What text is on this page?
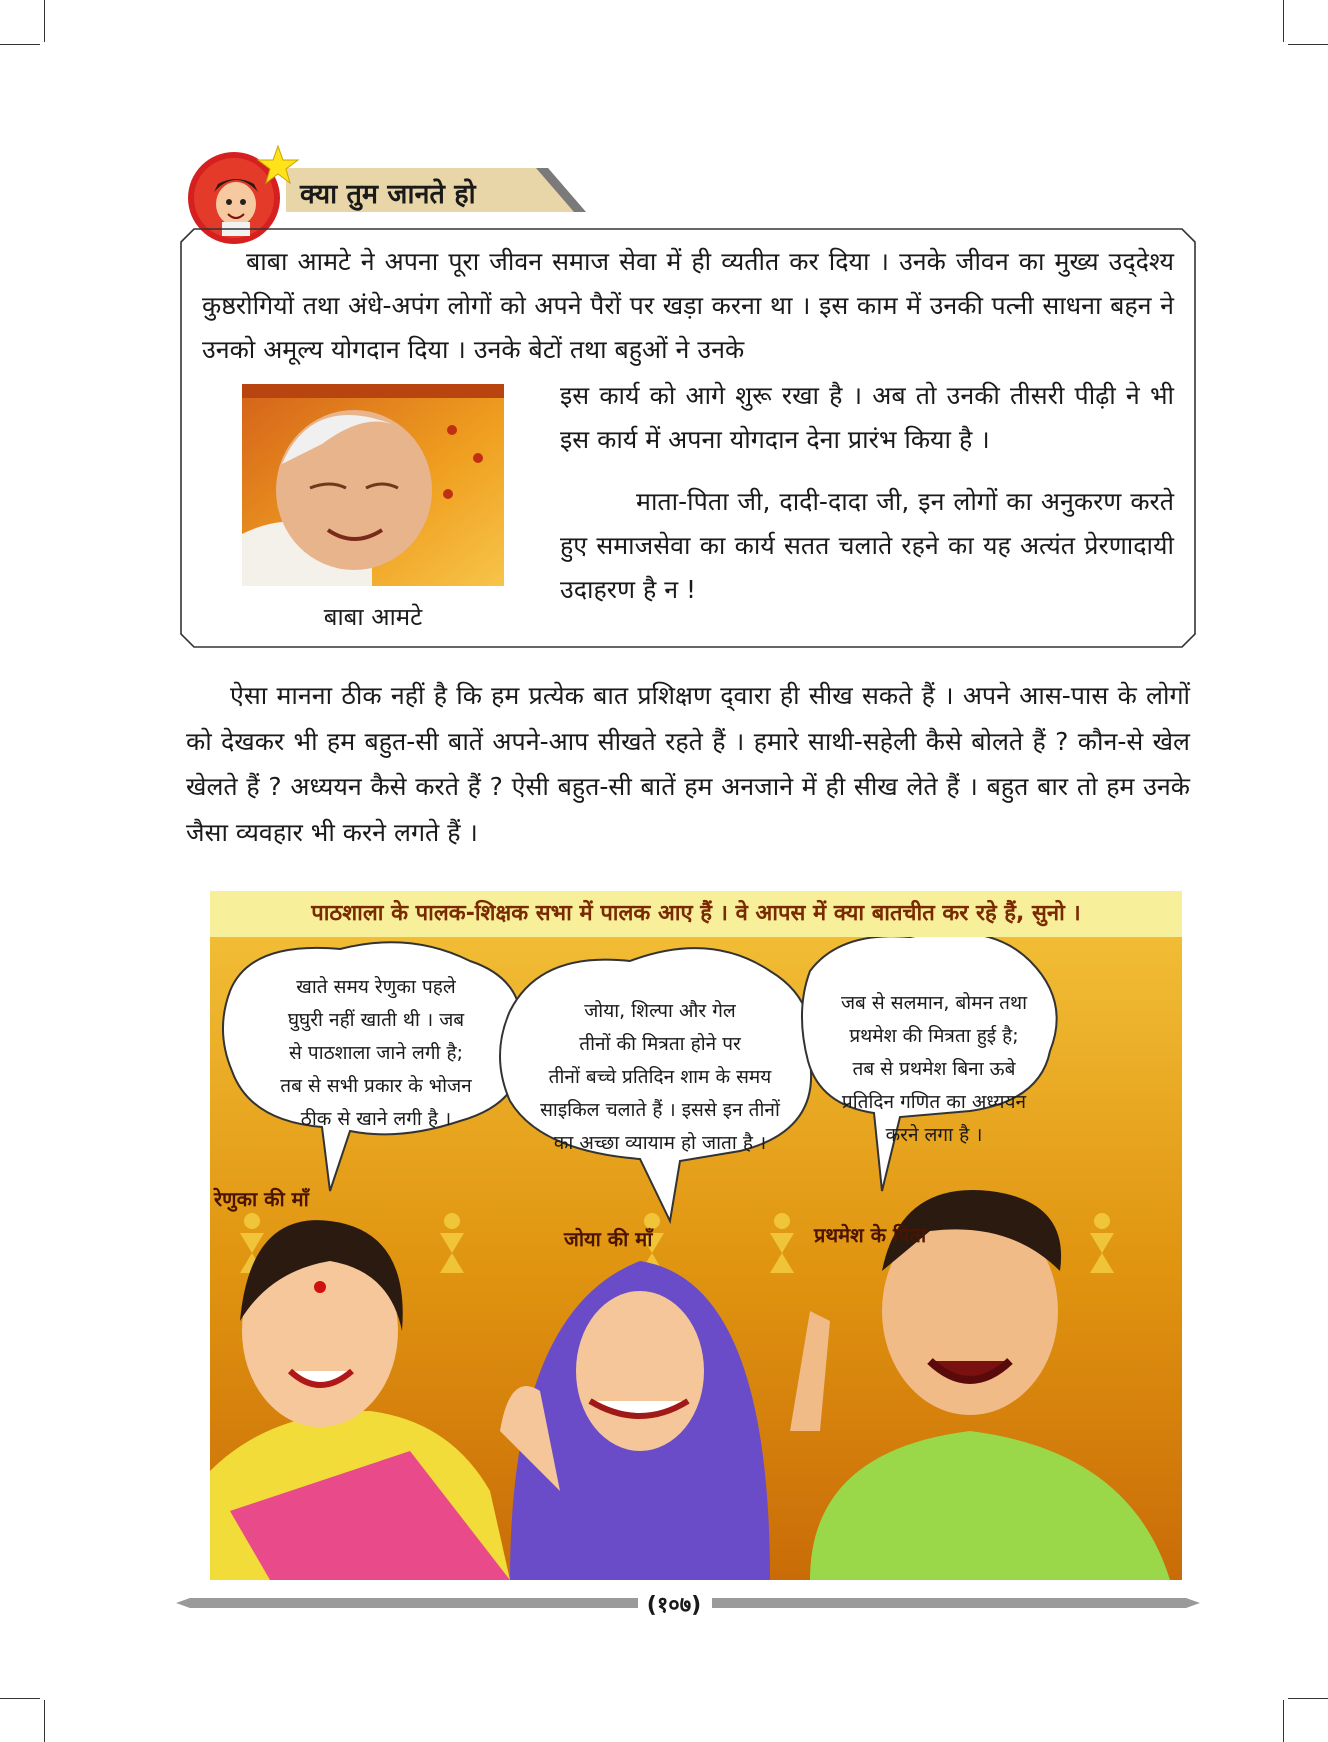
क्या तुम जानते हो

बाबा आमटे ने अपना पूरा जीवन समाज सेवा में ही व्यतीत कर दिया । उनके जीवन का मुख्य उद्‌देश्य कुष्ठरोगियों तथा अंधे-अपंग लोगों को अपने पैरों पर खड़ा करना था । इस काम में उनकी पत्नी साधना बहन ने उनको अमूल्य योगदान दिया । उनके बेटों तथा बहुओं ने उनके

इस कार्य को आगे शुरू रखा है । अब तो उनकी तीसरी पीढ़ी ने भी इस कार्य में अपना योगदान देना प्रारंभ किया है ।

माता-पिता जी, दादी-दादा जी, इन लोगों का अनुकरण करते हुए समाजसेवा का कार्य सतत चलाते रहने का यह अत्यंत प्रेरणादायी उदाहरण है न !

बाबा आमटे

ऐसा मानना ठीक नहीं है कि हम प्रत्येक बात प्रशिक्षण द्‌वारा ही सीख सकते हैं । अपने आस-पास के लोगों को देखकर भी हम बहुत-सी बातें अपने-आप सीखते रहते हैं । हमारे साथी-सहेली कैसे बोलते हैं ? कौन-से खेल खेलते हैं ? अध्ययन कैसे करते हैं ? ऐसी बहुत-सी बातें हम अनजाने में ही सीख लेते हैं । बहुत बार तो हम उनके जैसा व्यवहार भी करने लगते हैं ।

पाठशाला के पालक-शिक्षक सभा में पालक आए हैं । वे आपस में क्या बातचीत कर रहे हैं, सुनो ।
खाते समय रेणुका पहले
घुघुरी नहीं खाती थी । जब
से पाठशाला जाने लगी है;
तब से सभी प्रकार के भोजन
ठीक से खाने लगी है ।
जोया, शिल्पा और गेल
तीनों की मित्रता होने पर
तीनों बच्चे प्रतिदिन शाम के समय
साइकिल चलाते हैं । इससे इन तीनों
का अच्छा व्यायाम हो जाता है ।
जब से सलमान, बोमन तथा
प्रथमेश की मित्रता हुई है;
तब से प्रथमेश बिना ऊबे
प्रतिदिन गणित का अध्ययन
करने लगा है ।
रेणुका की माँ
जोया की माँ	प्रथमेश के पिता
(१०७)
